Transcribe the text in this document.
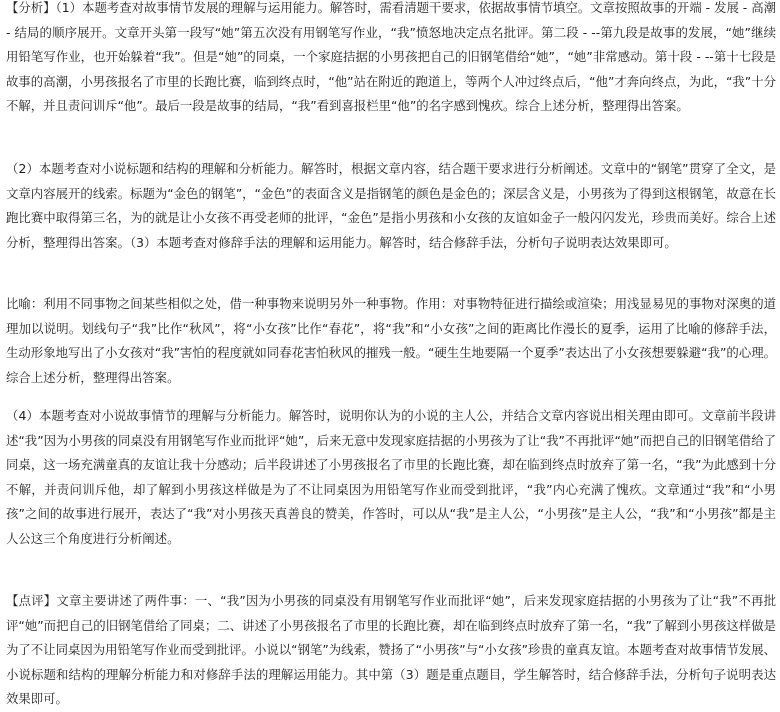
【分析】（1）本题考查对故事情节发展的理解与运用能力。解答时，需看清题干要求，依据故事情节填空。文章按照故事的开端 - 发展 - 高潮 - 结局的顺序展开。文章开头第一段写“她”第五次没有用钢笔写作业，“我”愤怒地决定点名批评。第二段 - --第九段是故事的发展，“她”继续用铅笔写作业，也开始躲着“我”。但是“她”的同桌，一个家庭拮据的小男孩把自己的旧钢笔借给“她”，“她”非常感动。第十段 - --第十七段是故事的高潮，小男孩报名了市里的长跑比赛，临到终点时，“他”站在附近的跑道上，等两个人冲过终点后，“他”才奔向终点，为此，“我”十分不解，并且责问训斥“他”。最后一段是故事的结局，“我”看到喜报栏里“他”的名字感到愧疚。综合上述分析，整理得出答案。

（2）本题考查对小说标题和结构的理解和分析能力。解答时，根据文章内容，结合题干要求进行分析阐述。文章中的“钢笔”贯穿了全文，是文章内容展开的线索。标题为“金色的钢笔”，“金色”的表面含义是指钢笔的颜色是金色的；深层含义是，小男孩为了得到这根钢笔，故意在长跑比赛中取得第三名，为的就是让小女孩不再受老师的批评，“金色”是指小男孩和小女孩的友谊如金子一般闪闪发光，珍贵而美好。综合上述分析，整理得出答案。（3）本题考查对修辞手法的理解和运用能力。解答时，结合修辞手法，分析句子说明表达效果即可。

比喻：利用不同事物之间某些相似之处，借一种事物来说明另外一种事物。作用：对事物特征进行描绘或渲染；用浅显易见的事物对深奥的道理加以说明。划线句子“我”比作“秋风”，将“小女孩”比作“春花”，将“我”和“小女孩”之间的距离比作漫长的夏季，运用了比喻的修辞手法，生动形象地写出了小女孩对“我”害怕的程度就如同春花害怕秋风的摧残一般。“硬生生地要隔一个夏季”表达出了小女孩想要躲避“我”的心理。综合上述分析，整理得出答案。

（4）本题考查对小说故事情节的理解与分析能力。解答时，说明你认为的小说的主人公，并结合文章内容说出相关理由即可。文章前半段讲述“我”因为小男孩的同桌没有用钢笔写作业而批评“她”，后来无意中发现家庭拮据的小男孩为了让“我”不再批评“她”而把自己的旧钢笔借给了同桌，这一场充满童真的友谊让我十分感动；后半段讲述了小男孩报名了市里的长跑比赛，却在临到终点时放弃了第一名，“我”为此感到十分不解，并责问训斥他，却了解到小男孩这样做是为了不让同桌因为用铅笔写作业而受到批评，“我”内心充满了愧疚。文章通过“我”和“小男孩”之间的故事进行展开，表达了“我”对小男孩天真善良的赞美，作答时，可以从“我”是主人公，“小男孩”是主人公，“我”和“小男孩”都是主人公这三个角度进行分析阐述。

【点评】文章主要讲述了两件事：一、“我”因为小男孩的同桌没有用钢笔写作业而批评“她”，后来发现家庭拮据的小男孩为了让“我”不再批评“她”而把自己的旧钢笔借给了同桌；二、讲述了小男孩报名了市里的长跑比赛，却在临到终点时放弃了第一名，“我”了解到小男孩这样做是为了不让同桌因为用铅笔写作业而受到批评。小说以“钢笔”为线索，赞扬了“小男孩”与“小女孩”珍贵的童真友谊。本题考查对故事情节发展、小说标题和结构的理解分析能力和对修辞手法的理解运用能力。其中第（3）题是重点题目，学生解答时，结合修辞手法，分析句子说明表达效果即可。
